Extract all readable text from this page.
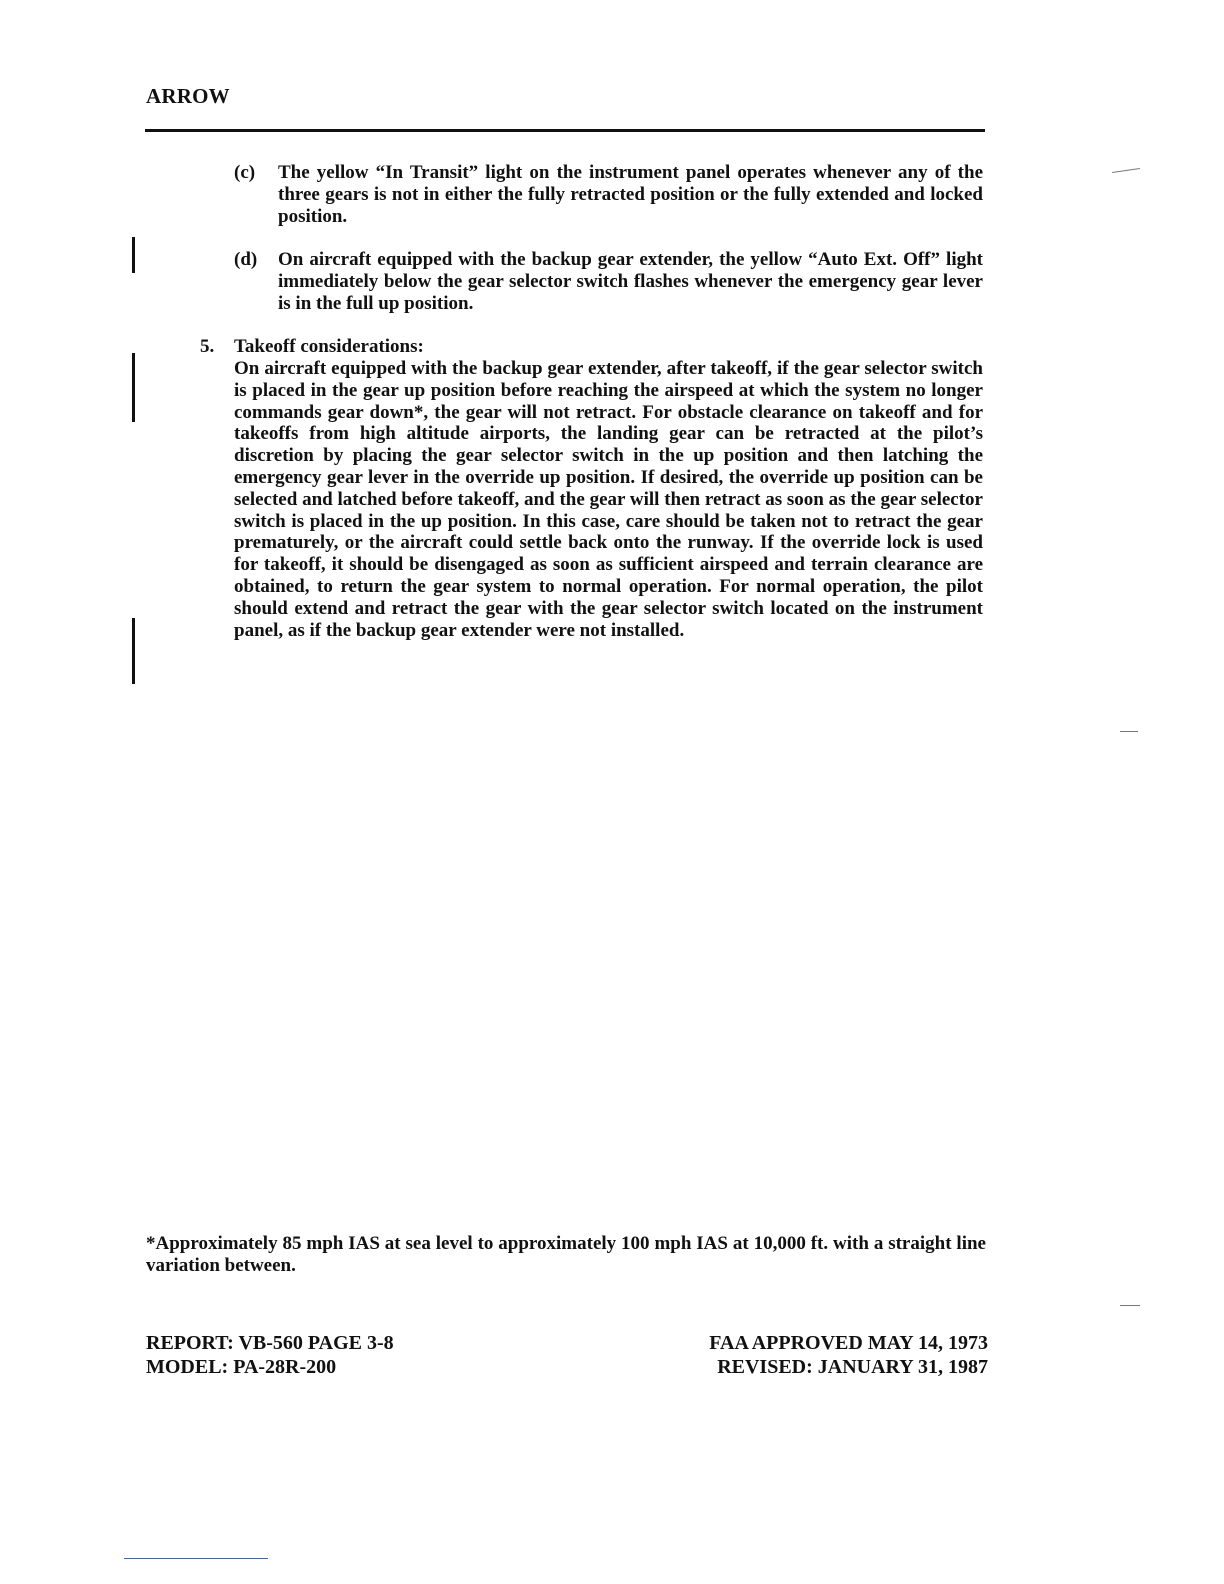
ARROW
(c) The yellow “In Transit” light on the instrument panel operates whenever any of the three gears is not in either the fully retracted position or the fully extended and locked position.
(d) On aircraft equipped with the backup gear extender, the yellow “Auto Ext. Off” light immediately below the gear selector switch flashes whenever the emergency gear lever is in the full up position.
5. Takeoff considerations:
On aircraft equipped with the backup gear extender, after takeoff, if the gear selector switch is placed in the gear up position before reaching the airspeed at which the system no longer commands gear down*, the gear will not retract. For obstacle clearance on takeoff and for takeoffs from high altitude airports, the landing gear can be retracted at the pilot’s discretion by placing the gear selector switch in the up position and then latching the emergency gear lever in the override up position. If desired, the override up position can be selected and latched before takeoff, and the gear will then retract as soon as the gear selector switch is placed in the up position. In this case, care should be taken not to retract the gear prematurely, or the aircraft could settle back onto the runway. If the override lock is used for takeoff, it should be disengaged as soon as sufficient airspeed and terrain clearance are obtained, to return the gear system to normal operation. For normal operation, the pilot should extend and retract the gear with the gear selector switch located on the instrument panel, as if the backup gear extender were not installed.
*Approximately 85 mph IAS at sea level to approximately 100 mph IAS at 10,000 ft. with a straight line variation between.
REPORT: VB-560 PAGE 3-8
MODEL: PA-28R-200
FAA APPROVED MAY 14, 1973
REVISED: JANUARY 31, 1987
